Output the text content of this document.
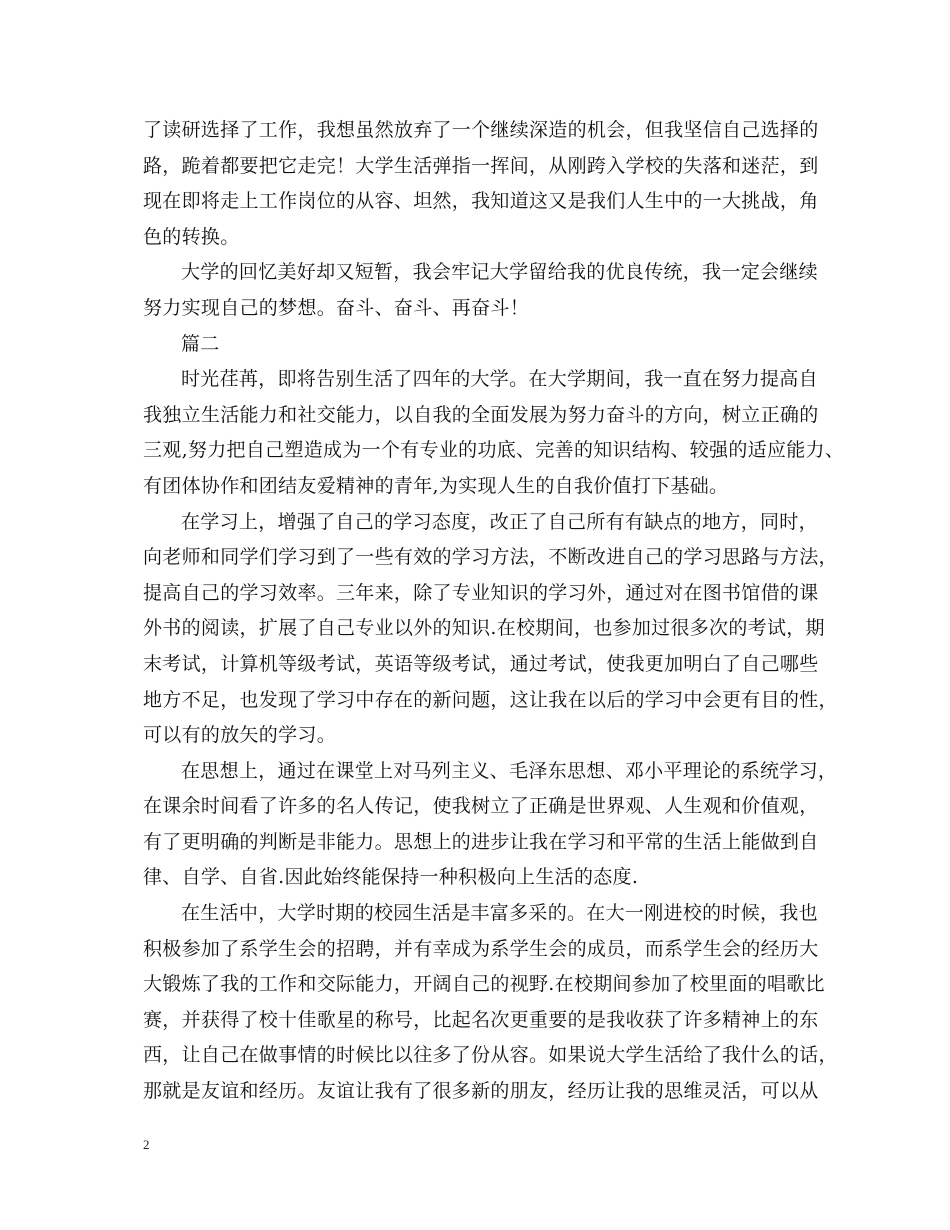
了读研选择了工作，我想虽然放弃了一个继续深造的机会，但我坚信自己选择的
路，跪着都要把它走完！大学生活弹指一挥间，从刚跨入学校的失落和迷茫，到
现在即将走上工作岗位的从容、坦然，我知道这又是我们人生中的一大挑战，角
色的转换。
大学的回忆美好却又短暂，我会牢记大学留给我的优良传统，我一定会继续
努力实现自己的梦想。奋斗、奋斗、再奋斗！
篇二
时光荏苒，即将告别生活了四年的大学。在大学期间，我一直在努力提高自
我独立生活能力和社交能力，以自我的全面发展为努力奋斗的方向，树立正确的
三观,努力把自己塑造成为一个有专业的功底、完善的知识结构、较强的适应能力、
有团体协作和团结友爱精神的青年,为实现人生的自我价值打下基础。
在学习上，增强了自己的学习态度，改正了自己所有有缺点的地方，同时，
向老师和同学们学习到了一些有效的学习方法，不断改进自己的学习思路与方法，
提高自己的学习效率。三年来，除了专业知识的学习外，通过对在图书馆借的课
外书的阅读，扩展了自己专业以外的知识.在校期间，也参加过很多次的考试，期
末考试，计算机等级考试，英语等级考试，通过考试，使我更加明白了自己哪些
地方不足，也发现了学习中存在的新问题，这让我在以后的学习中会更有目的性，
可以有的放矢的学习。
在思想上，通过在课堂上对马列主义、毛泽东思想、邓小平理论的系统学习，
在课余时间看了许多的名人传记，使我树立了正确是世界观、人生观和价值观，
有了更明确的判断是非能力。思想上的进步让我在学习和平常的生活上能做到自
律、自学、自省.因此始终能保持一种积极向上生活的态度.
在生活中，大学时期的校园生活是丰富多采的。在大一刚进校的时候，我也
积极参加了系学生会的招聘，并有幸成为系学生会的成员，而系学生会的经历大
大锻炼了我的工作和交际能力，开阔自己的视野.在校期间参加了校里面的唱歌比
赛，并获得了校十佳歌星的称号，比起名次更重要的是我收获了许多精神上的东
西，让自己在做事情的时候比以往多了份从容。如果说大学生活给了我什么的话，
那就是友谊和经历。友谊让我有了很多新的朋友，经历让我的思维灵活，可以从
2
